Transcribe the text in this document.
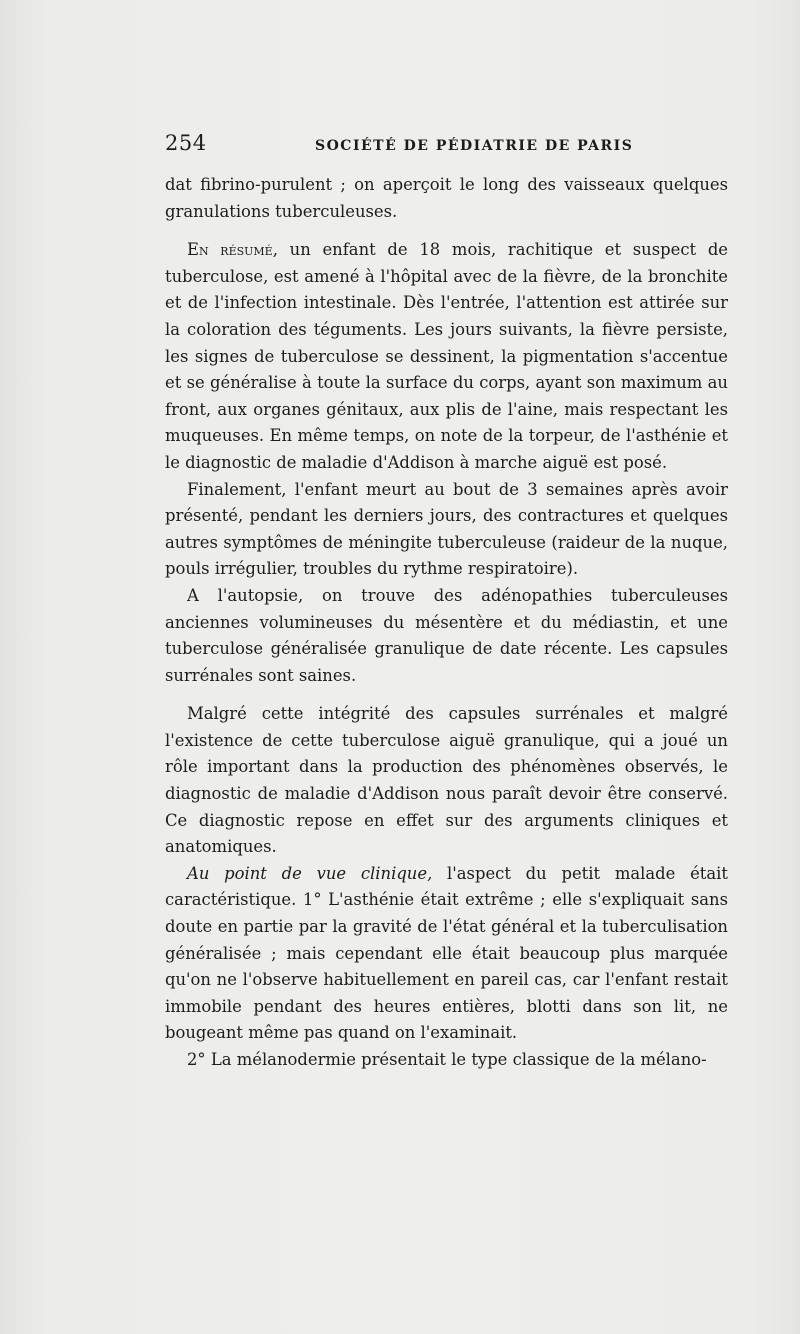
254	SOCIÉTÉ DE PÉDIATRIE DE PARIS

dat fibrino-purulent ; on aperçoit le long des vaisseaux quelques granulations tuberculeuses.

En résumé, un enfant de 18 mois, rachitique et suspect de tuberculose, est amené à l'hôpital avec de la fièvre, de la bronchite et de l'infection intestinale. Dès l'entrée, l'attention est attirée sur la coloration des téguments. Les jours suivants, la fièvre persiste, les signes de tuberculose se dessinent, la pigmentation s'accentue et se généralise à toute la surface du corps, ayant son maximum au front, aux organes génitaux, aux plis de l'aine, mais respectant les muqueuses. En même temps, on note de la torpeur, de l'asthénie et le diagnostic de maladie d'Addison à marche aiguë est posé.

Finalement, l'enfant meurt au bout de 3 semaines après avoir présenté, pendant les derniers jours, des contractures et quelques autres symptômes de méningite tuberculeuse (raideur de la nuque, pouls irrégulier, troubles du rythme respiratoire).

A l'autopsie, on trouve des adénopathies tuberculeuses anciennes volumineuses du mésentère et du médiastin, et une tuberculose généralisée granulique de date récente. Les capsules surrénales sont saines.

Malgré cette intégrité des capsules surrénales et malgré l'existence de cette tuberculose aiguë granulique, qui a joué un rôle important dans la production des phénomènes observés, le diagnostic de maladie d'Addison nous paraît devoir être conservé. Ce diagnostic repose en effet sur des arguments cliniques et anatomiques.

Au point de vue clinique, l'aspect du petit malade était caractéristique. 1° L'asthénie était extrême ; elle s'expliquait sans doute en partie par la gravité de l'état général et la tuberculisation généralisée ; mais cependant elle était beaucoup plus marquée qu'on ne l'observe habituellement en pareil cas, car l'enfant restait immobile pendant des heures entières, blotti dans son lit, ne bougeant même pas quand on l'examinait.

2° La mélanodermie présentait le type classique de la mélano-
